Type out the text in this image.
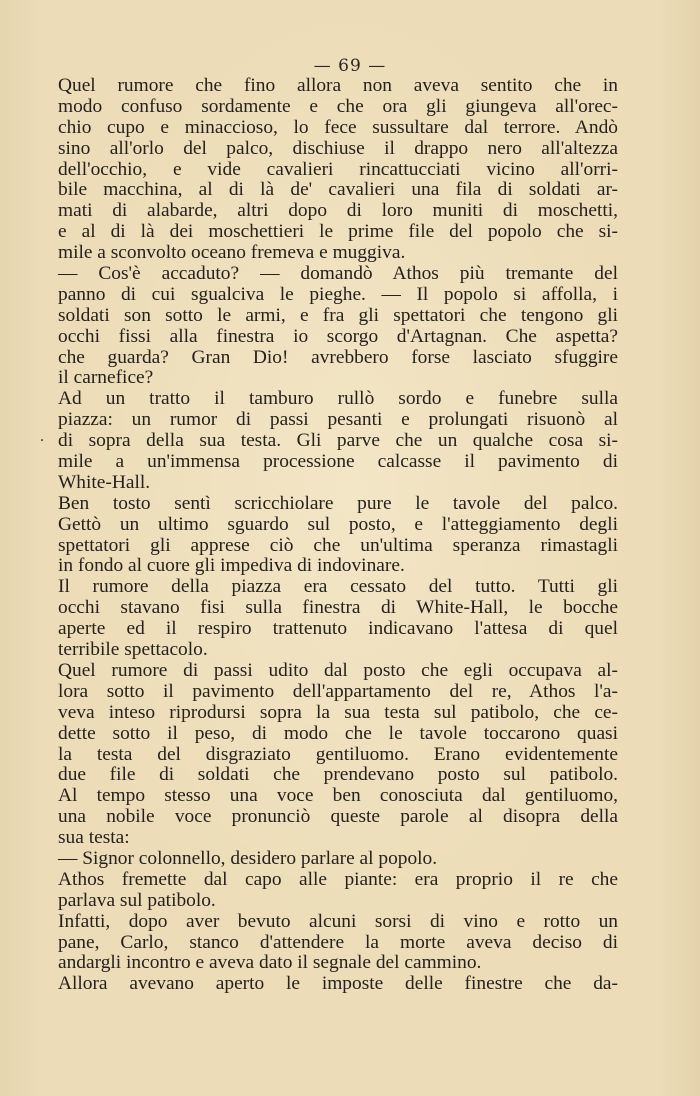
— 69 —
.
Quel rumore che fino allora non aveva sentito che in
modo confuso sordamente e che ora gli giungeva all'orec-
chio cupo e minaccioso, lo fece sussultare dal terrore. Andò
sino all'orlo del palco, dischiuse il drappo nero all'altezza
dell'occhio, e vide cavalieri rincattucciati vicino all'orri-
bile macchina, al di là de' cavalieri una fila di soldati ar-
mati di alabarde, altri dopo di loro muniti di moschetti,
e al di là dei moschettieri le prime file del popolo che si-
mile a sconvolto oceano fremeva e muggiva.
— Cos'è accaduto? — domandò Athos più tremante del
panno di cui sgualciva le pieghe. — Il popolo si affolla, i
soldati son sotto le armi, e fra gli spettatori che tengono gli
occhi fissi alla finestra io scorgo d'Artagnan. Che aspetta?
che guarda? Gran Dio! avrebbero forse lasciato sfuggire
il carnefice?
Ad un tratto il tamburo rullò sordo e funebre sulla
piazza: un rumor di passi pesanti e prolungati risuonò al
di sopra della sua testa. Gli parve che un qualche cosa si-
mile a un'immensa processione calcasse il pavimento di
White-Hall.
Ben tosto sentì scricchiolare pure le tavole del palco.
Gettò un ultimo sguardo sul posto, e l'atteggiamento degli
spettatori gli apprese ciò che un'ultima speranza rimastagli
in fondo al cuore gli impediva di indovinare.
Il rumore della piazza era cessato del tutto. Tutti gli
occhi stavano fisi sulla finestra di White-Hall, le bocche
aperte ed il respiro trattenuto indicavano l'attesa di quel
terribile spettacolo.
Quel rumore di passi udito dal posto che egli occupava al-
lora sotto il pavimento dell'appartamento del re, Athos l'a-
veva inteso riprodursi sopra la sua testa sul patibolo, che ce-
dette sotto il peso, di modo che le tavole toccarono quasi
la testa del disgraziato gentiluomo. Erano evidentemente
due file di soldati che prendevano posto sul patibolo.
Al tempo stesso una voce ben conosciuta dal gentiluomo,
una nobile voce pronunciò queste parole al disopra della
sua testa:
— Signor colonnello, desidero parlare al popolo.
Athos fremette dal capo alle piante: era proprio il re che
parlava sul patibolo.
Infatti, dopo aver bevuto alcuni sorsi di vino e rotto un
pane, Carlo, stanco d'attendere la morte aveva deciso di
andargli incontro e aveva dato il segnale del cammino.
Allora avevano aperto le imposte delle finestre che da-
